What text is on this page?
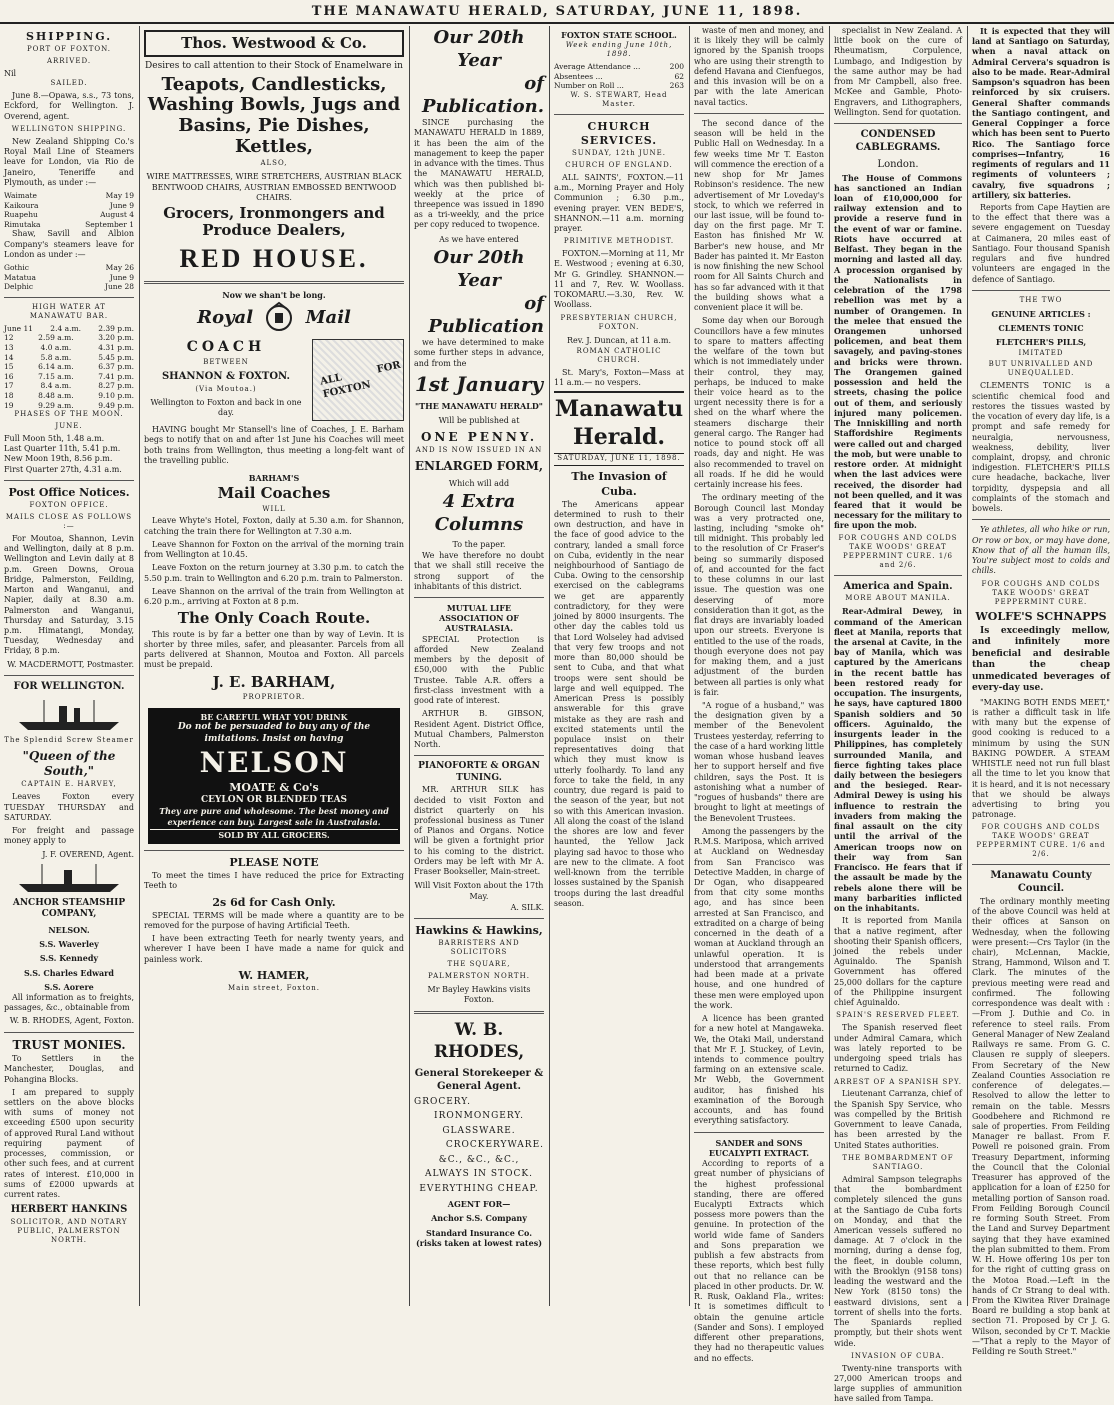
THE MANAWATU HERALD, SATURDAY, JUNE 11, 1898.
SHIPPING.
PORT OF FOXTON.
ARRIVED.
Nil
SAILED.

June 8.—Opawa, s.s., 73 tons, Eckford, for Wellington. J. Overend, agent.

WELLINGTON SHIPPING.

New Zealand Shipping Co.'s Royal Mail Line of Steamers leave for London, via Rio de Janeiro, Teneriffe and Plymouth, as under :—

Waimate	May 19
Kaikoura	June 9
Ruapehu	August 4
Rimutaka	September 1

Shaw, Savill and Albion Company's steamers leave for London as under :—

Gothic	May 26
Matatua	June 9
Delphic	June 28
HIGH WATER AT MANAWATU BAR.
June 11 2.4 a.m. 2.39 p.m.
12	2.59 a.m.	3.20 p.m.
13	4.0 a.m.	4.31 p.m.
14	5.8 a.m.	5.45 p.m.
15	6.14 a.m.	6.37 p.m.
16	7.15 a.m.	7.41 p.m.
17	8.4 a.m.	8.27 p.m.
18	8.48 a.m.	9.10 p.m.
19	9.29 a.m.	9.49 p.m.
PHASES OF THE MOON.
JUNE.
Full Moon 5th, 1.48 a.m.
Last Quarter 11th, 5.41 p.m.
New Moon 19th, 8.56 p.m.
First Quarter 27th, 4.31 a.m.
Post Office Notices.
FOXTON OFFICE.
MAILS CLOSE AS FOLLOWS :—

For Moutoa, Shannon, Levin and Wellington, daily at 8 p.m. Wellington and Levin daily at 8 p.m. Green Downs, Oroua Bridge, Palmerston, Feilding, Marton and Wanganui, and Napier, daily at 8.30 a.m. Palmerston and Wanganui, Thursday and Saturday, 3.15 p.m. Himatangi, Monday, Tuesday, Wednesday and Friday, 8 p.m.

W. MACDERMOTT, Postmaster.
FOR WELLINGTON.
The Splendid Screw Steamer
"Queen of the South,"
CAPTAIN E. HARVEY,

Leaves Foxton every TUESDAY THURSDAY and SATURDAY.

For freight and passage money apply to

J. F. OVEREND, Agent.
ANCHOR STEAMSHIP COMPANY,
NELSON.
S.S. Waverley
S.S. Kennedy
S.S. Charles Edward
S.S. Aorere

All information as to freights, passages, &c., obtainable from

W. B. RHODES, Agent, Foxton.
TRUST MONIES.

To Settlers in the Manchester, Douglas, and Pohangina Blocks.

I am prepared to supply settlers on the above blocks with sums of money not exceeding £500 upon security of approved Rural Land without requiring payment of processes, commission, or other such fees, and at current rates of interest. £10,000 in sums of £2000 upwards at current rates.

HERBERT HANKINS
SOLICITOR, AND NOTARY PUBLIC, PALMERSTON NORTH.
Thos. Westwood & Co.
Desires to call attention to their Stock of Enamelware in
Teapots, Candlesticks, Washing Bowls, Jugs and Basins, Pie Dishes, Kettles,
ALSO,
WIRE MATTRESSES, WIRE STRETCHERS, AUSTRIAN BLACK BENTWOOD CHAIRS, AUSTRIAN EMBOSSED BENTWOOD CHAIRS.
Grocers, Ironmongers and Produce Dealers,
RED HOUSE.
Now we shan't be long.
Royal	Mail
COACH
BETWEEN
SHANNON & FOXTON.
(Via Moutoa.)
Wellington to Foxton and back in one day.
ALL FOR FOXTON

HAVING bought Mr Stansell's line of Coaches, J. E. Barham begs to notify that on and after 1st June his Coaches will meet both trains from Wellington, thus meeting a long-felt want of the travelling public.

BARHAM'S
Mail Coaches
WILL

Leave Whyte's Hotel, Foxton, daily at 5.30 a.m. for Shannon, catching the train there for Wellington at 7.30 a.m.

Leave Shannon for Foxton on the arrival of the morning train from Wellington at 10.45.

Leave Foxton on the return journey at 3.30 p.m. to catch the 5.50 p.m. train to Wellington and 6.20 p.m. train to Palmerston.

Leave Shannon on the arrival of the train from Wellington at 6.20 p.m., arriving at Foxton at 8 p.m.

The Only Coach Route.

This route is by far a better one than by way of Levin. It is shorter by three miles, safer, and pleasanter. Parcels from all parts delivered at Shannon, Moutoa and Foxton. All parcels must be prepaid.

J. E. BARHAM,
PROPRIETOR.
BE CAREFUL WHAT YOU DRINK
Do not be persuaded to buy any of the imitations. Insist on having
NELSON
MOATE & Co's
CEYLON OR BLENDED TEAS
They are pure and wholesome. The best money and experience can buy. Largest sale in Australasia.
SOLD BY ALL GROCERS.
PLEASE NOTE

To meet the times I have reduced the price for Extracting Teeth to

2s 6d for Cash Only.

SPECIAL TERMS will be made where a quantity are to be removed for the purpose of having Artificial Teeth.

I have been extracting Teeth for nearly twenty years, and wherever I have been I have made a name for quick and painless work.

W. HAMER,
Main street, Foxton.
Our 20th Year
of Publication.

SINCE purchasing the MANAWATU HERALD in 1889, it has been the aim of the management to keep the paper in advance with the times. Thus the MANAWATU HERALD, which was then published bi-weekly at the price of threepence was issued in 1890 as a tri-weekly, and the price per copy reduced to twopence.

As we have entered
Our 20th Year
of Publication

we have determined to make some further steps in advance, and from the

1st January
"THE MANAWATU HERALD"
Will be published at
ONE PENNY.
AND IS NOW ISSUED IN AN
ENLARGED FORM,
Which will add
4 Extra Columns
To the paper.

We have therefore no doubt that we shall still receive the strong support of the inhabitants of this district.

MUTUAL LIFE ASSOCIATION OF AUSTRALASIA.

SPECIAL Protection is afforded New Zealand members by the deposit of £50,000 with the Public Trustee. Table A.R. offers a first-class investment with a good rate of interest.

ARTHUR B. GIBSON, Resident Agent. District Office, Mutual Chambers, Palmerston North.

PIANOFORTE & ORGAN TUNING.

MR. ARTHUR SILK has decided to visit Foxton and district quarterly on his professional business as Tuner of Pianos and Organs. Notice will be given a fortnight prior to his coming to the district. Orders may be left with Mr A. Fraser Bookseller, Main-street.

Will Visit Foxton about the 17th May.
A. SILK.
Hawkins & Hawkins,
BARRISTERS AND SOLICITORS
THE SQUARE,
PALMERSTON NORTH.
Mr Bayley Hawkins visits Foxton.
W. B. RHODES,
General Storekeeper & General Agent.
GROCERY.
IRONMONGERY.
GLASSWARE.
CROCKERYWARE.
&C., &C., &C.,
ALWAYS IN STOCK.
EVERYTHING CHEAP.
AGENT FOR—
Anchor S.S. Company
Standard Insurance Co. (risks taken at lowest rates)
FOXTON STATE SCHOOL.
Week ending June 10th, 1898.
Average Attendance ...	200
Absentees ...	62
Number on Roll ...	263
W. S. STEWART, Head Master.
CHURCH SERVICES.
SUNDAY, 12th JUNE.
CHURCH OF ENGLAND.

ALL SAINTS', FOXTON.—11 a.m., Morning Prayer and Holy Communion ; 6.30 p.m., evening prayer. VEN BEDE'S, SHANNON.—11 a.m. morning prayer.

PRIMITIVE METHODIST.

FOXTON.—Morning at 11, Mr E. Westwood ; evening at 6.30, Mr G. Grindley. SHANNON.—11 and 7, Rev. W. Woollass. TOKOMARU.—3.30, Rev. W. Woollass.

PRESBYTERIAN CHURCH, FOXTON.
Rev. J. Duncan, at 11 a.m.
ROMAN CATHOLIC CHURCH.

St. Mary's, Foxton—Mass at 11 a.m.— no vespers.

Manawatu Herald.
SATURDAY, JUNE 11, 1898.
The Invasion of Cuba.

The Americans appear determined to rush to their own destruction, and have in the face of good advice to the contrary, landed a small force on Cuba, evidently in the near neighbourhood of Santiago de Cuba. Owing to the censorship exercised on the cablegrams we get are apparently contradictory, for they were joined by 8000 insurgents. The other day the cables told us that Lord Wolseley had advised that very few troops and not more than 80,000 should be sent to Cuba, and that what troops were sent should be large and well equipped. The American Press is possibly answerable for this grave mistake as they are rash and excited statements until the populace insist on their representatives doing that which they must know is utterly foolhardy. To land any force to take the field, in any country, due regard is paid to the season of the year, but not so with this American invasion. All along the coast of the island the shores are low and fever haunted, the Yellow Jack playing sad havoc to those who are new to the climate. A foot well-known from the terrible losses sustained by the Spanish troops during the last dreadful season.

waste of men and money, and it is likely they will be calmly ignored by the Spanish troops who are using their strength to defend Havana and Cienfuegos, and this invasion will be on a par with the late American naval tactics.

The second dance of the season will be held in the Public Hall on Wednesday. In a few weeks time Mr T. Easton will commence the erection of a new shop for Mr James Robinson's residence. The new advertisement of Mr Loveday's stock, to which we referred in our last issue, will be found to-day on the first page. Mr T. Easton has finished Mr W. Barber's new house, and Mr Bader has painted it. Mr Easton is now finishing the new School room for All Saints Church and has so far advanced with it that the building shows what a convenient place it will be.

Some day when our Borough Councillors have a few minutes to spare to matters affecting the welfare of the town but which is not immediately under their control, they may, perhaps, be induced to make their voice heard as to the urgent necessity there is for a shed on the wharf where the steamers discharge their general cargo. The Ranger had notice to pound stock off all roads, day and night. He was also recommended to travel on all roads. If he did he would certainly increase his fees.

The ordinary meeting of the Borough Council last Monday was a very protracted one, lasting, including "smoke oh" till midnight. This probably led to the resolution of Cr Fraser's being so summarily disposed of, and accounted for the fact to these columns in our last issue. The question was one deserving of more consideration than it got, as the flat drays are invariably loaded upon our streets. Everyone is entitled to the use of the roads, though everyone does not pay for making them, and a just adjustment of the burden between all parties is only what is fair.

"A rogue of a husband," was the designation given by a member of the Benevolent Trustees yesterday, referring to the case of a hard working little woman whose husband leaves her to support herself and five children, says the Post. It is astonishing what a number of "rogues of husbands" there are brought to light at meetings of the Benevolent Trustees.

Among the passengers by the R.M.S. Mariposa, which arrived at Auckland on Wednesday from San Francisco was Detective Madden, in charge of Dr Ogan, who disappeared from that city some months ago, and has since been arrested at San Francisco, and extradited on a charge of being concerned in the death of a woman at Auckland through an unlawful operation. It is understood that arrangements had been made at a private house, and one hundred of these men were employed upon the work.

A licence has been granted for a new hotel at Mangaweka. We, the Otaki Mail, understand that Mr F. J. Stuckey, of Levin, intends to commence poultry farming on an extensive scale. Mr Webb, the Government auditor, has finished his examination of the Borough accounts, and has found everything satisfactory.

SANDER and SONS EUCALYPTI EXTRACT.

According to reports of a great number of physicians of the highest professional standing, there are offered Eucalypti Extracts which possess more powers than the genuine. In protection of the world wide fame of Sanders and Sons preparation we publish a few abstracts from these reports, which best fully out that no reliance can be placed in other products. Dr. W. R. Rusk, Oakland Fla., writes: It is sometimes difficult to obtain the genuine article (Sander and Sons). I employed different other preparations, they had no therapeutic values and no effects.

specialist in New Zealand. A little book on the cure of Rheumatism, Corpulence, Lumbago, and Indigestion by the same author may be had from Mr Campbell, also free. McKee and Gamble, Photo-Engravers, and Lithographers, Wellington. Send for quotation.

CONDENSED CABLEGRAMS.
London.

The House of Commons has sanctioned an Indian loan of £10,000,000 for railway extension and to provide a reserve fund in the event of war or famine. Riots have occurred at Belfast. They began in the morning and lasted all day. A procession organised by the Nationalists in celebration of the 1798 rebellion was met by a number of Orangemen. In the melee that ensued the Orangemen unhorsed policemen, and beat them savagely, and paving-stones and bricks were thrown. The Orangemen gained possession and held the streets, chasing the police out of them, and seriously injured many policemen. The Inniskilling and north Staffordshire Regiments were called out and charged the mob, but were unable to restore order. At midnight when the last advices were received, the disorder had not been quelled, and it was feared that it would be necessary for the military to fire upon the mob.

FOR COUGHS AND COLDS TAKE WOODS' GREAT PEPPERMINT CURE. 1/6 and 2/6.
America and Spain.
MORE ABOUT MANILA.

Rear-Admiral Dewey, in command of the American fleet at Manila, reports that the arsenal at Cavite, in the bay of Manila, which was captured by the Americans in the recent battle has been restored ready for occupation. The insurgents, he says, have captured 1800 Spanish soldiers and 50 officers. Aguinaldo, the insurgents leader in the Philippines, has completely surrounded Manila, and fierce fighting takes place daily between the besiegers and the besieged. Rear-Admiral Dewey is using his influence to restrain the invaders from making the final assault on the city until the arrival of the American troops now on their way from San Francisco. He fears that if the assault be made by the rebels alone there will be many barbarities inflicted on the inhabitants.

It is reported from Manila that a native regiment, after shooting their Spanish officers, joined the rebels under Aguinaldo. The Spanish Government has offered 25,000 dollars for the capture of the Philippine insurgent chief Aguinaldo.

SPAIN'S RESERVED FLEET.

The Spanish reserved fleet under Admiral Camara, which was lately reported to be undergoing speed trials has returned to Cadiz.

ARREST OF A SPANISH SPY.

Lieutenant Carranza, chief of the Spanish Spy Service, who was compelled by the British Government to leave Canada, has been arrested by the United States authorities.

THE BOMBARDMENT OF SANTIAGO.

Admiral Sampson telegraphs that the bombardment completely silenced the guns at the Santiago de Cuba forts on Monday, and that the American vessels suffered no damage. At 7 o'clock in the morning, during a dense fog, the fleet, in double column, with the Brooklyn (9158 tons) leading the westward and the New York (8150 tons) the eastward divisions, sent a torrent of shells into the forts. The Spaniards replied promptly, but their shots went wide.

INVASION OF CUBA.

Twenty-nine transports with 27,000 American troops and large supplies of ammunition have sailed from Tampa.

It is expected that they will land at Santiago on Saturday, when a naval attack on Admiral Cervera's squadron is also to be made. Rear-Admiral Sampson's squadron has been reinforced by six cruisers. General Shafter commands the Santiago contingent, and General Coppinger a force which has been sent to Puerto Rico. The Santiago force comprises—Infantry, 16 regiments of regulars and 11 regiments of volunteers ; cavalry, five squadrons ; artillery, six batteries.

Reports from Cape Haytien are to the effect that there was a severe engagement on Tuesday at Caimanera, 20 miles east of Santiago. Four thousand Spanish regulars and five hundred volunteers are engaged in the defence of Santiago.

THE TWO
GENUINE ARTICLES :
CLEMENTS TONIC
FLETCHER'S PILLS,
IMITATED
BUT UNRIVALLED AND UNEQUALLED.

CLEMENTS TONIC is a scientific chemical food and restores the tissues wasted by the vocation of every day life, is a prompt and safe remedy for neuralgia, nervousness, weakness, debility, liver complaint, dropsy, and chronic indigestion. FLETCHER'S PILLS cure headache, backache, liver torpidity, dyspepsia and all complaints of the stomach and bowels.

Ye athletes, all who hike or run, Or row or box, or may have done, Know that of all the human ills, You're subject most to colds and chills.

FOR COUGHS AND COLDS TAKE WOODS' GREAT PEPPERMINT CURE.
WOLFE'S SCHNAPPS

Is exceedingly mellow, and infinitely more beneficial and desirable than the cheap unmedicated beverages of every-day use.

"MAKING BOTH ENDS MEET," is rather a difficult task in life with many but the expense of good cooking is reduced to a minimum by using the SUN BAKING POWDER. A STEAM WHISTLE need not run full blast all the time to let you know that it is heard, and it is not necessary that we should be always advertising to bring you patronage.

FOR COUGHS AND COLDS TAKE WOODS' GREAT PEPPERMINT CURE. 1/6 and 2/6.
Manawatu County Council.

The ordinary monthly meeting of the above Council was held at their offices at Sanson on Wednesday, when the following were present:—Crs Taylor (in the chair), McLennan, Mackie, Strang, Hammond, Wilson and T. Clark. The minutes of the previous meeting were read and confirmed. The following correspondence was dealt with :—From J. Duthie and Co. in reference to steel rails. From General Manager of New Zealand Railways re same. From G. C. Clausen re supply of sleepers. From Secretary of the New Zealand Counties Association re conference of delegates.—Resolved to allow the letter to remain on the table. Messrs Goodbehere and Richmond re sale of properties. From Feilding Manager re ballast. From F. Powell re poisoned grain. From Treasury Department, informing the Council that the Colonial Treasurer has approved of the application for a loan of £250 for metalling portion of Sanson road. From Feilding Borough Council re forming South Street. From the Land and Survey Department saying that they have examined the plan submitted to them. From W. H. Howe offering 10s per ton for the right of cutting grass on the Motoa Road.—Left in the hands of Cr Strang to deal with. From the Kiwitea River Drainage Board re building a stop bank at section 71. Proposed by Cr J. G. Wilson, seconded by Cr T. Mackie—"That a reply to the Mayor of Feilding re South Street."
